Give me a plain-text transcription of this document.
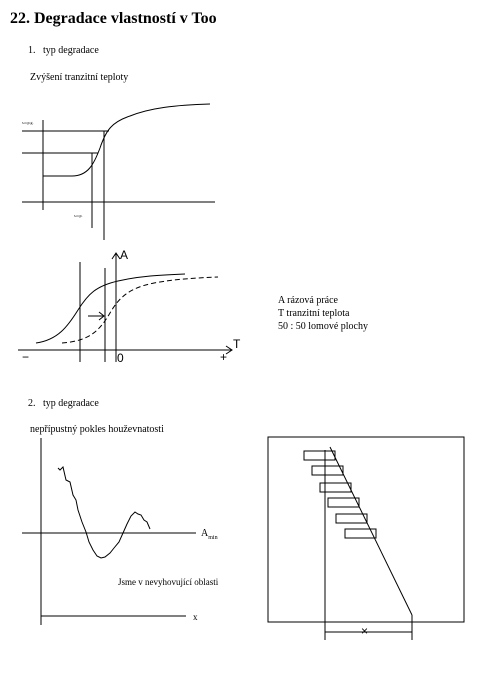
22. Degradace vlastností v Too
1. typ degradace
Zvýšení tranzitní teploty
s.o.p.g.
s.o.p.
A
T
−	0	+
A rázová práce
T tranzitní teplota
50 : 50 lomové plochy
2. typ degradace
nepřípustný pokles houževnatosti
$A_{min}$
Jsme v nevyhovující oblasti
x
×
